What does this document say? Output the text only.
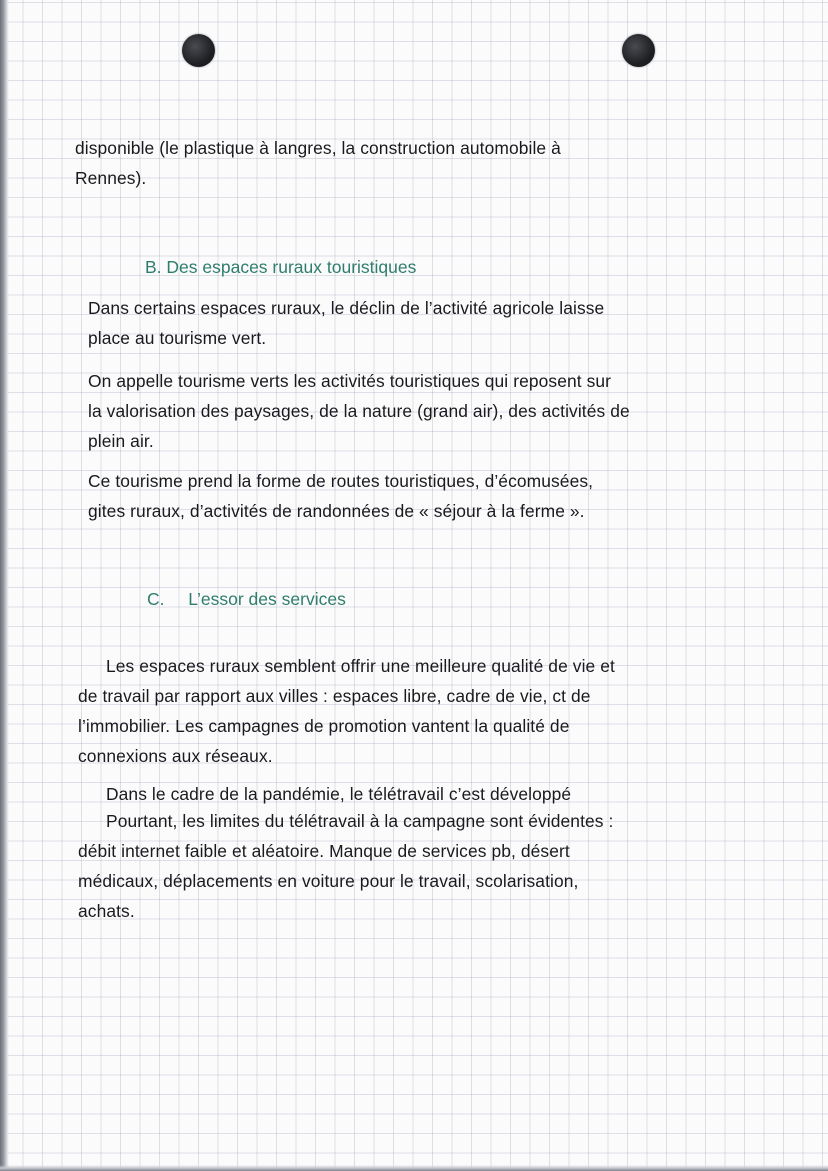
disponible (le plastique à langres, la construction automobile à
Rennes).
B. Des espaces ruraux touristiques
Dans certains espaces ruraux, le déclin de l’activité agricole laisse
place au tourisme vert.
On appelle tourisme verts les activités touristiques qui reposent sur
la valorisation des paysages, de la nature (grand air), des activités de
plein air.
Ce tourisme prend la forme de routes touristiques, d’écomusées,
gites ruraux, d’activités de randonnées de « séjour à la ferme ».
C. L’essor des services
Les espaces ruraux semblent offrir une meilleure qualité de vie et
de travail par rapport aux villes : espaces libre, cadre de vie, ct de
l’immobilier. Les campagnes de promotion vantent la qualité de
connexions aux réseaux.
Dans le cadre de la pandémie, le télétravail c’est développé
Pourtant, les limites du télétravail à la campagne sont évidentes :
débit internet faible et aléatoire. Manque de services pb, désert
médicaux, déplacements en voiture pour le travail, scolarisation,
achats.
